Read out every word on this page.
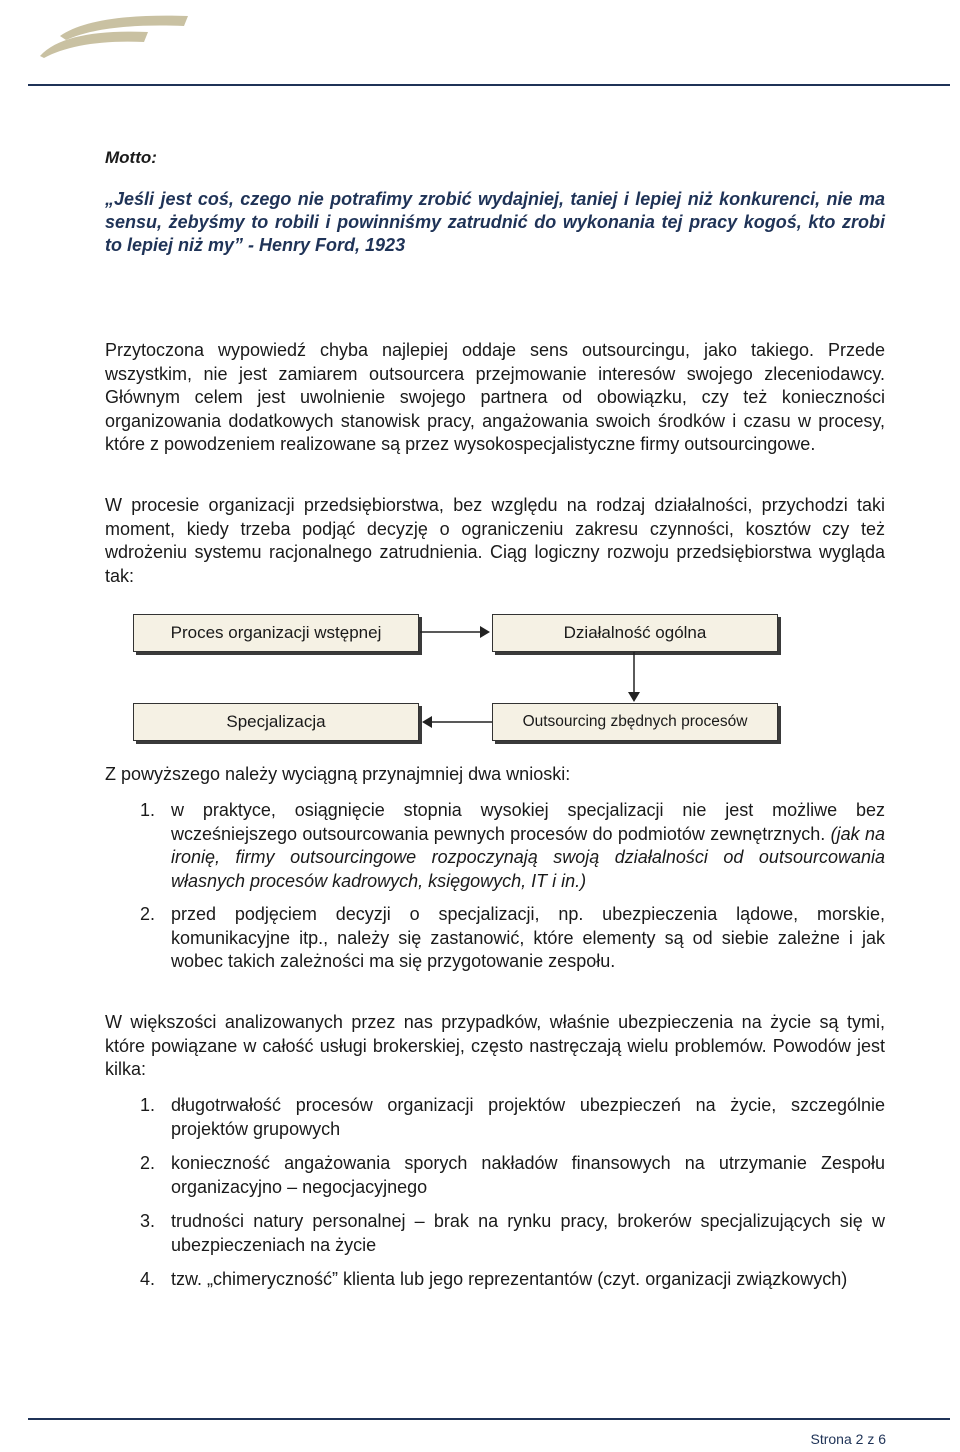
Motto:
„Jeśli jest coś, czego nie potrafimy zrobić wydajniej, taniej i lepiej niż konkurenci, nie ma sensu, żebyśmy to robili i powinniśmy zatrudnić do wykonania tej pracy kogoś, kto zrobi to lepiej niż my” - Henry Ford, 1923
Przytoczona wypowiedź chyba najlepiej oddaje sens outsourcingu, jako takiego. Przede wszystkim, nie jest zamiarem outsourcera przejmowanie interesów swojego zleceniodawcy. Głównym celem jest uwolnienie swojego partnera od obowiązku, czy też konieczności organizowania dodatkowych stanowisk pracy, angażowania swoich środków i czasu w procesy, które z powodzeniem realizowane są przez wysokospecjalistyczne firmy outsourcingowe.
W procesie organizacji przedsiębiorstwa, bez względu na rodzaj działalności, przychodzi taki moment, kiedy trzeba podjąć decyzję o ograniczeniu zakresu czynności, kosztów czy też wdrożeniu systemu racjonalnego zatrudnienia. Ciąg logiczny rozwoju przedsiębiorstwa wygląda tak:
Proces organizacji wstępnej	Działalność ogólna
Outsourcing zbędnych procesów
Specjalizacja
Z powyższego należy wyciągną przynajmniej dwa wnioski:
1. w praktyce, osiągnięcie stopnia wysokiej specjalizacji nie jest możliwe bez wcześniejszego outsourcowania pewnych procesów do podmiotów zewnętrznych. (jak na ironię, firmy outsourcingowe rozpoczynają swoją działalności od outsourcowania własnych procesów kadrowych, księgowych, IT i in.)
2. przed podjęciem decyzji o specjalizacji, np. ubezpieczenia lądowe, morskie, komunikacyjne itp., należy się zastanowić, które elementy są od siebie zależne i jak wobec takich zależności ma się przygotowanie zespołu.
W większości analizowanych przez nas przypadków, właśnie ubezpieczenia na życie są tymi, które powiązane w całość usługi brokerskiej, często nastręczają wielu problemów. Powodów jest kilka:
1. długotrwałość procesów organizacji projektów ubezpieczeń na życie, szczególnie projektów grupowych
2. konieczność angażowania sporych nakładów finansowych na utrzymanie Zespołu organizacyjno – negocjacyjnego
3. trudności natury personalnej – brak na rynku pracy, brokerów specjalizujących się w ubezpieczeniach na życie
4. tzw. „chimeryczność” klienta lub jego reprezentantów (czyt. organizacji związkowych)
Strona 2 z 6
